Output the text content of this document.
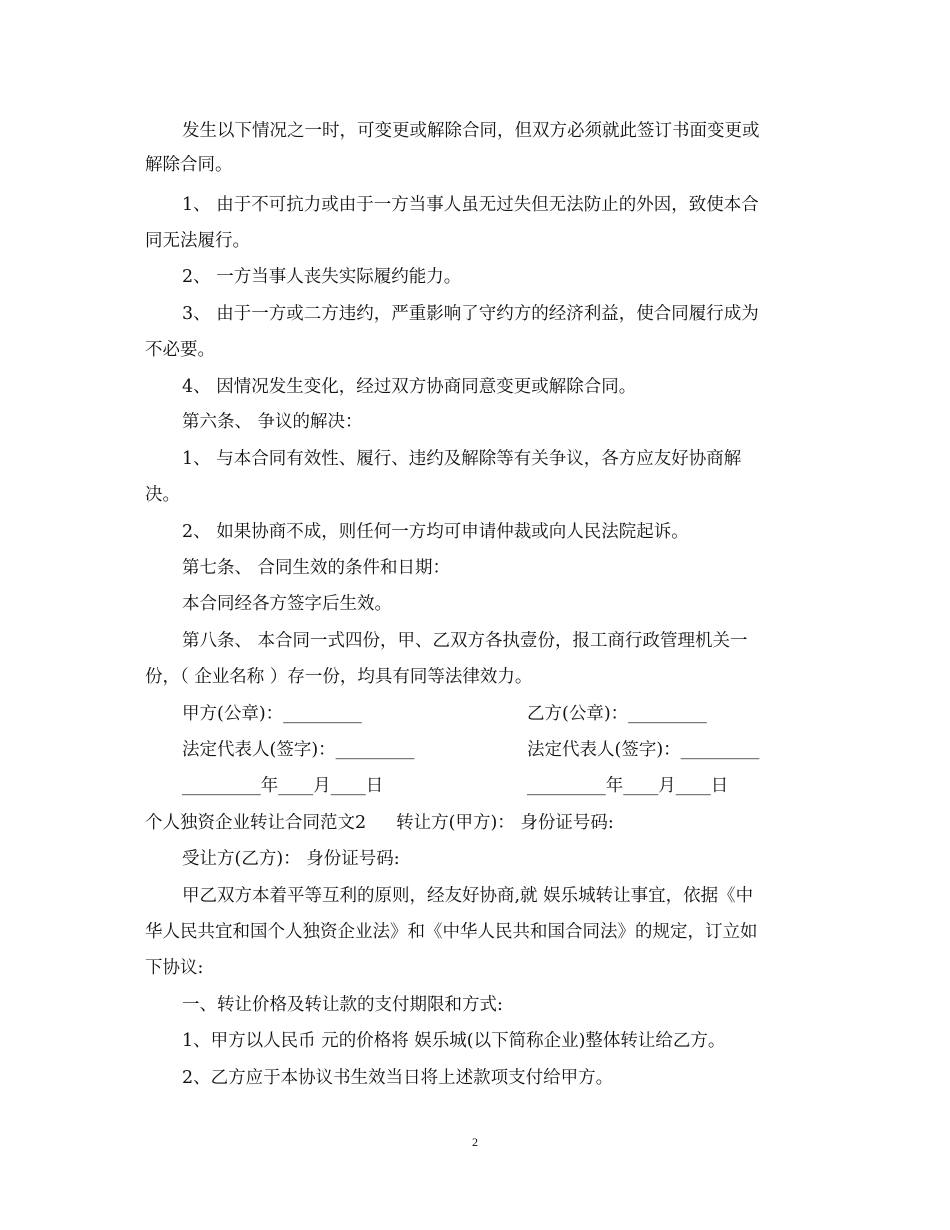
发生以下情况之一时，可变更或解除合同，但双方必须就此签订书面变更或
解除合同。
1、 由于不可抗力或由于一方当事人虽无过失但无法防止的外因，致使本合
同无法履行。
2、 一方当事人丧失实际履约能力。
3、 由于一方或二方违约，严重影响了守约方的经济利益，使合同履行成为
不必要。
4、 因情况发生变化，经过双方协商同意变更或解除合同。
第六条、 争议的解决：
1、 与本合同有效性、履行、违约及解除等有关争议，各方应友好协商解
决。
2、 如果协商不成，则任何一方均可申请仲裁或向人民法院起诉。
第七条、 合同生效的条件和日期：
本合同经各方签字后生效。
第八条、 本合同一式四份，甲、乙双方各执壹份，报工商行政管理机关一
份，（ 企业名称 ）存一份，均具有同等法律效力。
甲方(公章)：_________	乙方(公章)：_________
法定代表人(签字)：_________	法定代表人(签字)：_________
_________年____月____日	_________年____月____日
个人独资企业转让合同范文2 转让方(甲方)： 身份证号码:
受让方(乙方)： 身份证号码:
甲乙双方本着平等互利的原则，经友好协商,就 娱乐城转让事宜，依据《中
华人民共宜和国个人独资企业法》和《中华人民共和国合同法》的规定，订立如
下协议:
一、转让价格及转让款的支付期限和方式:
1、甲方以人民币 元的价格将 娱乐城(以下简称企业)整体转让给乙方。
2、乙方应于本协议书生效当日将上述款项支付给甲方。
2
